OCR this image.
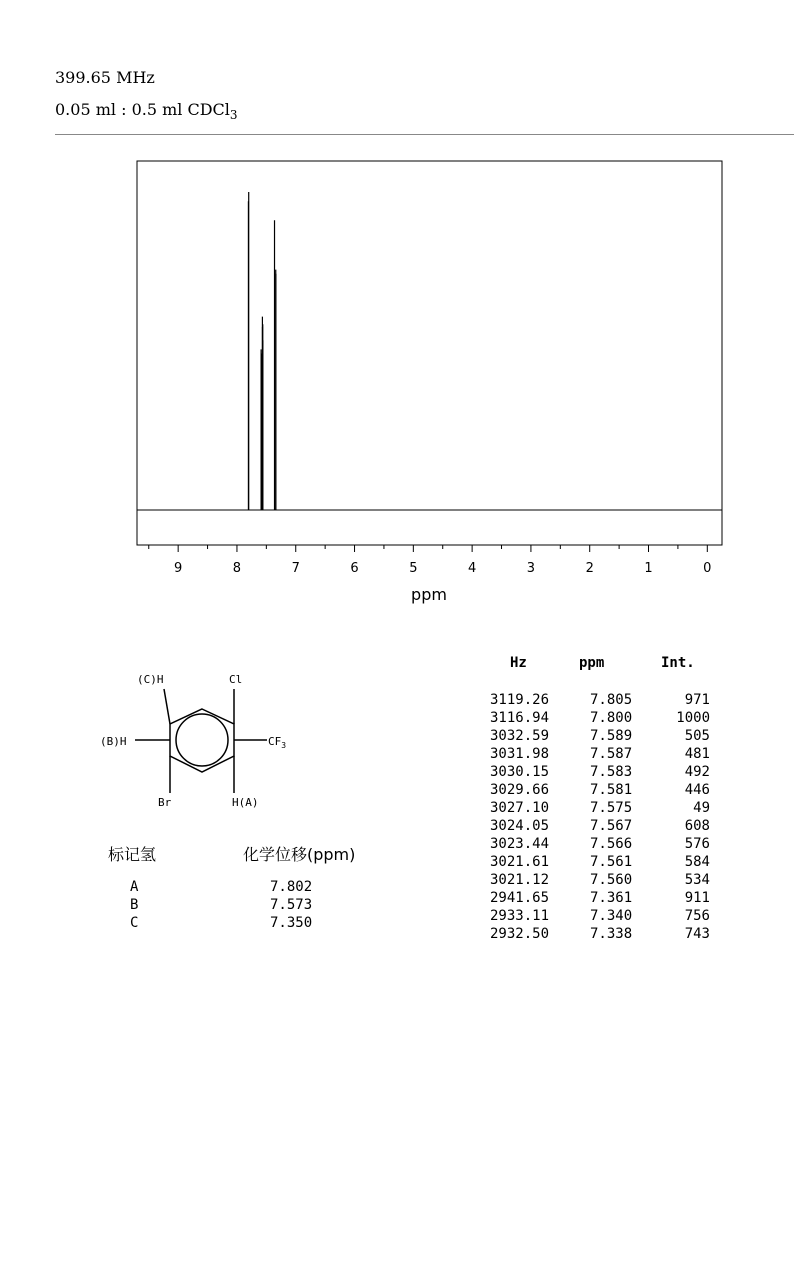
399.65 MHz
0.05 ml : 0.5 ml CDCl$_3$
9	8	7	6	5	4	3	2	1	0
ppm
(C)H	Cl
(B)H	$CF_3$
Br	H(A)
标记氢	化学位移(ppm)
A	7.802
B	7.573
C	7.350
Hz	ppm	Int.
3119.26	7.805	971
3116.94	7.800	1000
3032.59	7.589	505
3031.98	7.587	481
3030.15	7.583	492
3029.66	7.581	446
3027.10	7.575	49
3024.05	7.567	608
3023.44	7.566	576
3021.61	7.561	584
3021.12	7.560	534
2941.65	7.361	911
2933.11	7.340	756
2932.50	7.338	743
